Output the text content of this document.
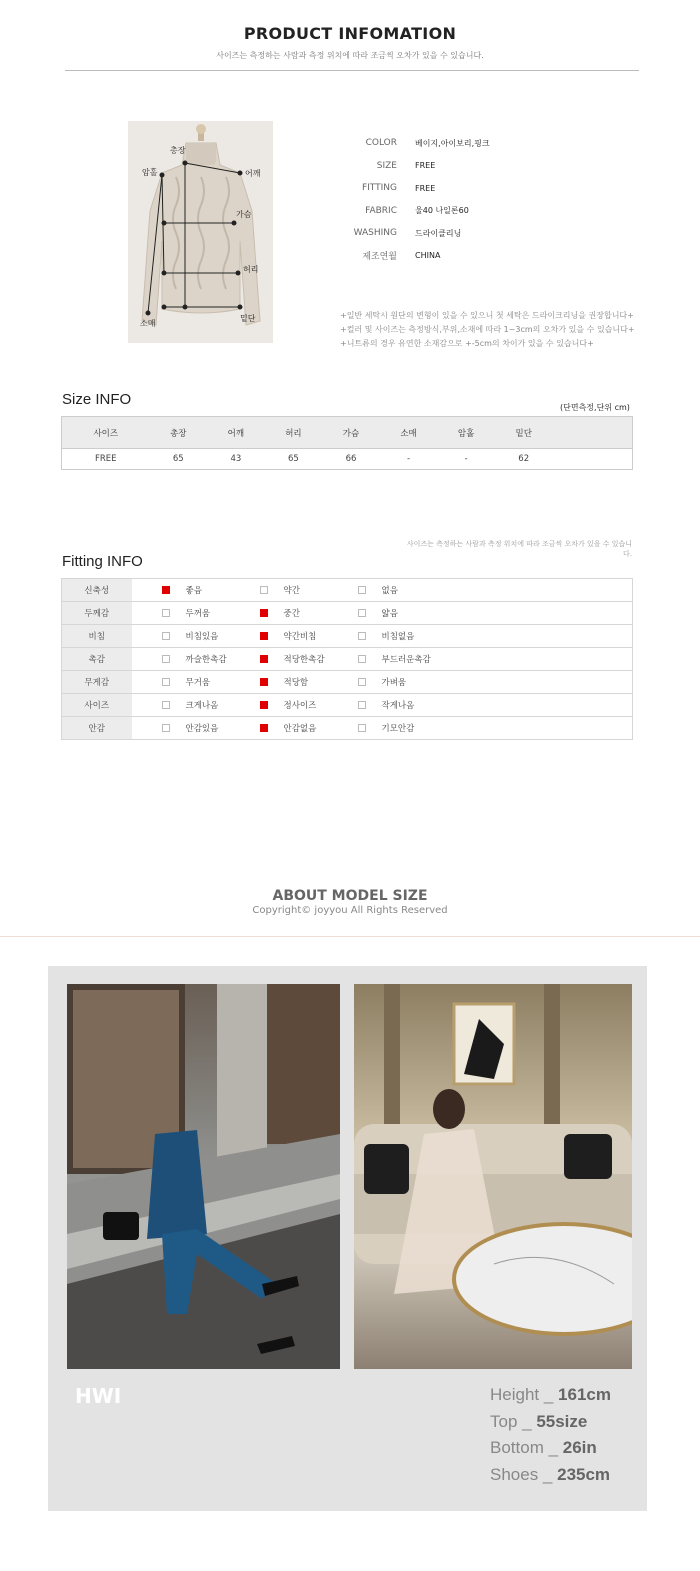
PRODUCT INFOMATION
사이즈는 측정하는 사람과 측정 위치에 따라 조금씩 오차가 있을 수 있습니다.
총장
암홀	어깨
가슴
허리
소매
밑단
COLOR 베이지,아이보리,핑크
SIZE FREE
FITTING FREE
FABRIC 울40 나일론60
WASHING 드라이클리닝
제조연월 CHINA
+일반 세탁시 원단의 변형이 있을 수 있으니 첫 세탁은 드라이크리닝을 권장합니다+
+컬러 및 사이즈는 측정방식,부위,소재에 따라 1~3cm의 오차가 있을 수 있습니다+
+니트류의 경우 유연한 소재감으로 +-5cm의 차이가 있을 수 있습니다+
Size INFO	(단면측정,단위 cm)
사이즈	총장	어깨	허리	가슴	소매	암홀	밑단	
FREE	65	43	65	66	-	-	62	
사이즈는 측정하는 사람과 측정 위치에 따라 조금씩 오차가 있을 수 있습니다.
Fitting INFO
신축성		좋음	약간	없음

두께감		두꺼움	중간	얇음

비침		비침있음	약간비침	비침없음

촉감		까슬한촉감	적당한촉감	부드러운촉감

무게감		무거움	적당함	가벼움

사이즈		크게나옴	정사이즈	작게나옴

안감		안감있음	안감없음	기모안감
ABOUT MODEL SIZE
Copyright© joyyou All Rights Reserved
HWI	Height _ 161cm
Top _ 55size
Bottom _ 26in
Shoes _ 235cm
